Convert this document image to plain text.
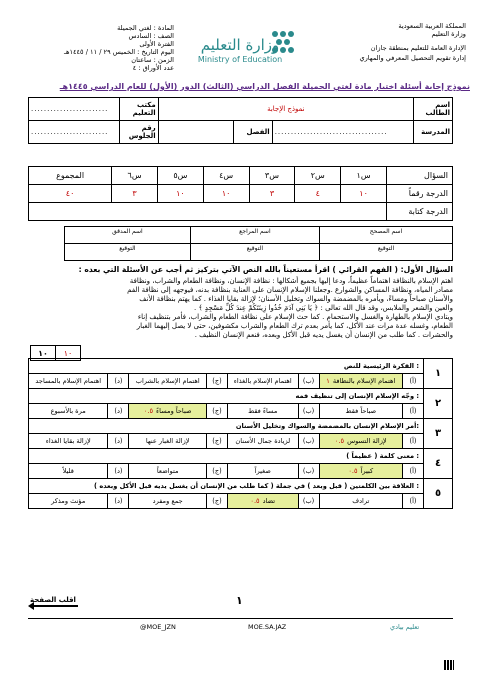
المملكة العربية السعودية
وزارة التعليم
الإدارة العامة للتعليم بمنطقة جازان
إدارة تقويم التحصيل المعرفي والمهاري
وزارة التعليم
Ministry of Education
المادة : لغتي الجميلة
الصف : السادس
الفترة الأولى
اليوم التاريخ : الخميس ٢٩ / ١١ / ١٤٤٥هـ
الزمن : ساعتان
عدد الأوراق : ٤
نموذج إجابة أسئلة اختبار مادة لغتي الجميلة الفصل الدراسي (الثالث) الدور (الأول) للعام الدراسي ١٤٤٥هـ
........................	مكتب التعليم	نموذج الإجابة	اسم الطالب
........................	رقم الجلوس	
		الفصل	...................................
		المدرسة
المجموع	س٦	س٥	س٤	س٣	س٢	س١	السؤال
٤٠	٣	١٠	١٠	٣	٤	١٠	الدرجة رقماً
							الدرجة كتابة
اسم المدقق	اسم المراجع	اسم المصحح
التوقيع	التوقيع	التوقيع
السؤال الأول: ( الفهم القرائي ) اقرأ مستعيناً بالله النص الآتي بتركيز ثم أجب عن الأسئلة التي بعده :
اهتم الإسلام بالنظافة اهتماماً عظيماً، ودعا إليها بجميع أشكالها : نظافة الإنسان، ونظافة الطعام والشراب، ونظافة
مصادر المياه، ونظافة المساكن والشوارع .وجعلنا الإسلام الإنسان على العناية بنظافة بدنه، فيوجهه إلى نظافة الفم
والأسنان صباحاً ومساءً، ويأمره بالمضمضة والسواك وتخليل الأسنان؛ لإزالة بقايا الغذاء . كما يهتم بنظافة الأنف
والعين والشعر والملابس، وقد قال الله تعالى : ﴿ يَا بَنِي آدَمَ خُذُوا زِينَتَكُمْ عِندَ كُلِّ مَسْجِدٍ ﴾ .
ويتادي الإسلام بالطهارة والغسل والاستحمام . كما حث الإسلام على نظافة الطعام والشراب، فأمر بتنظيف إناء
الطعام، وغسله عدة مرات عند الأكل، كما يأمر بعدم ترك الطعام والشراب مكشوفين، حتى لا يصل إليهما الغبار
والحشرات . كما طلب من الإنسان أن يغسل يديه قبل الأكل وبعده، فنعم الإنسان النظيف .
١٠	١٠
الفكرة الرئيسية للنص :								١
اهتمام الإسلام بالمساجد	(د)	اهتمام الإسلام بالشراب	(ج)	اهتمام الإسلام بالغذاء	(ب)	اهتمام الإسلام بالنظافة١	(أ)	
وجّه الإسلام الإنسان إلى تنظيف فمه :								٢
مرة بالأسبوع	(د)	صباحاً ومساءً٠.٥	(ج)	مساءً فقط	(ب)	صباحاً فقط	(أ)	
أمر الإسلام الإنسان بالمضمضة والسواك وتخليل الأسنان:								٣
لإزالة بقايا الغذاء	(د)	لإزالة الغبار عنها	(ج)	لزيادة جمال الأسنان	(ب)	لإزالة التسوس٠.٥	(أ)	
معنى كلمة ( عظيماً ) :								٤
قليلاً	(د)	متواضعاً	(ج)	صغيراً	(ب)	كبيراً٠.٥	(أ)	
العلاقة بين الكلمتين ( قبل وبعد ) في جملة ( كما طلب من الإنسان أن يغسل يديه قبل الأكل وبعده ) :								٥
مؤنث ومذكر	(د)	جمع ومفرد	(ج)	تضاد٠.٥	(ب)	ترادف	(أ)	
١
اقلب الصفحة
@MOE_JZN	MOE.SA.JAZ	تعليم بيادي
